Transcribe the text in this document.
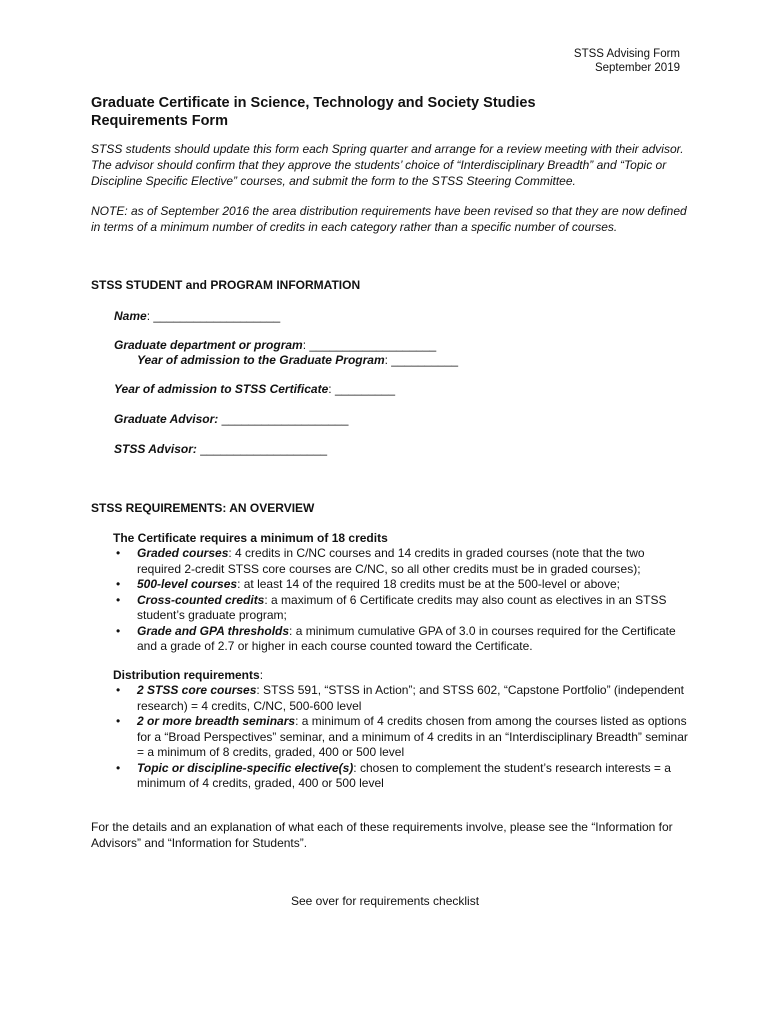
STSS Advising Form
September 2019
Graduate Certificate in Science, Technology and Society Studies
Requirements Form
STSS students should update this form each Spring quarter and arrange for a review meeting with their advisor. The advisor should confirm that they approve the students’ choice of “Interdisciplinary Breadth” and “Topic or Discipline Specific Elective” courses, and submit the form to the STSS Steering Committee.
NOTE: as of September 2016 the area distribution requirements have been revised so that they are now defined in terms of a minimum number of credits in each category rather than a specific number of courses.
STSS STUDENT and PROGRAM INFORMATION
Name: ___________________
Graduate department or program: ___________________
Year of admission to the Graduate Program: __________
Year of admission to STSS Certificate: _________
Graduate Advisor: ___________________
STSS Advisor: ___________________
STSS REQUIREMENTS: AN OVERVIEW
The Certificate requires a minimum of 18 credits
• Graded courses: 4 credits in C/NC courses and 14 credits in graded courses (note that the two required 2-credit STSS core courses are C/NC, so all other credits must be in graded courses);
• 500-level courses: at least 14 of the required 18 credits must be at the 500-level or above;
• Cross-counted credits: a maximum of 6 Certificate credits may also count as electives in an STSS student’s graduate program;
• Grade and GPA thresholds: a minimum cumulative GPA of 3.0 in courses required for the Certificate and a grade of 2.7 or higher in each course counted toward the Certificate.
Distribution requirements:
• 2 STSS core courses: STSS 591, “STSS in Action”; and STSS 602, “Capstone Portfolio” (independent research) = 4 credits, C/NC, 500-600 level
• 2 or more breadth seminars: a minimum of 4 credits chosen from among the courses listed as options for a “Broad Perspectives” seminar, and a minimum of 4 credits in an “Interdisciplinary Breadth” seminar = a minimum of 8 credits, graded, 400 or 500 level
• Topic or discipline-specific elective(s): chosen to complement the student’s research interests = a minimum of 4 credits, graded, 400 or 500 level
For the details and an explanation of what each of these requirements involve, please see the “Information for Advisors” and “Information for Students”.
See over for requirements checklist
